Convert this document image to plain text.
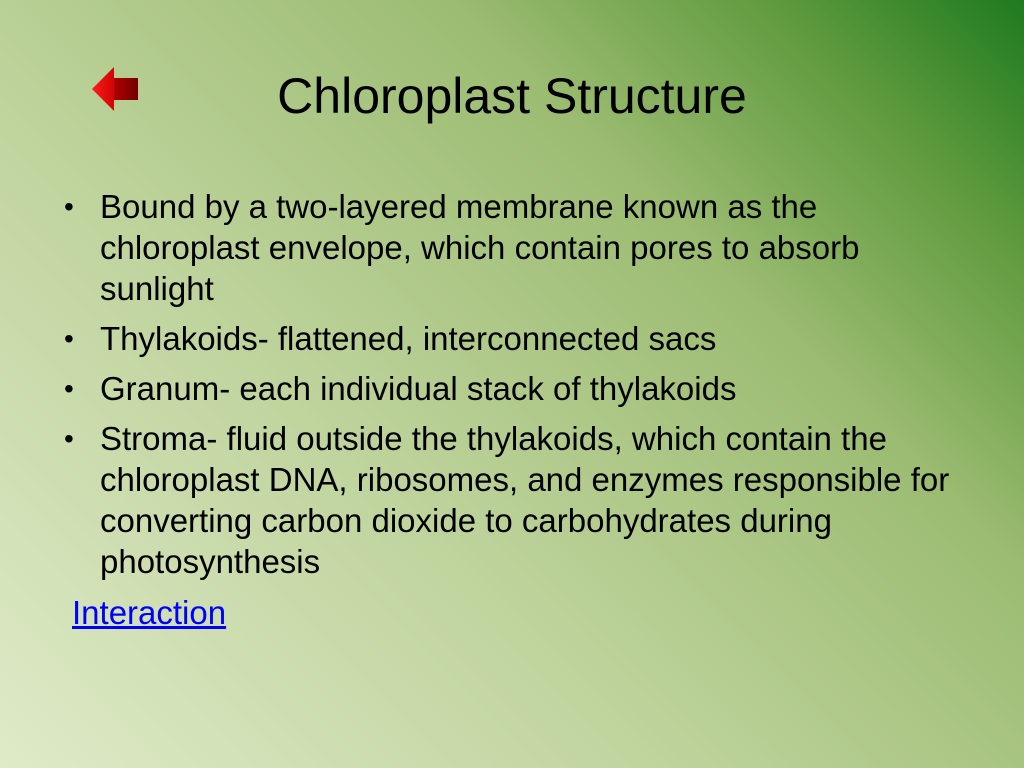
Chloroplast Structure
• Bound by a two-layered membrane known as the chloroplast envelope, which contain pores to absorb sunlight
• Thylakoids- flattened, interconnected sacs
• Granum- each individual stack of thylakoids
• Stroma- fluid outside the thylakoids, which contain the chloroplast DNA, ribosomes, and enzymes responsible for converting carbon dioxide to carbohydrates during photosynthesis
Interaction
